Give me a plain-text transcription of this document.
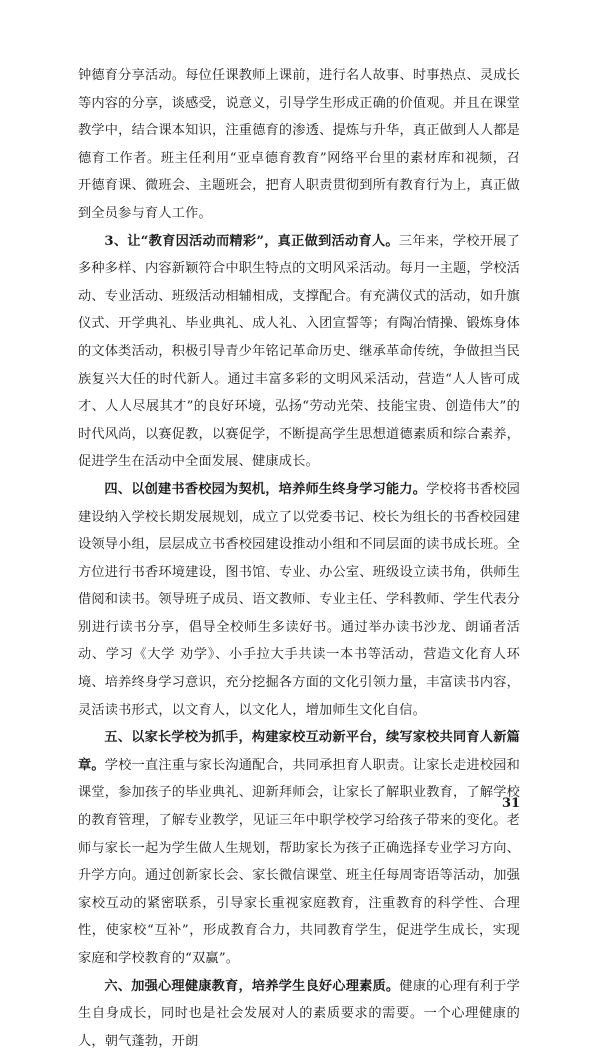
钟德育分享活动。每位任课教师上课前，进行名人故事、时事热点、灵成长等内容的分享，谈感受，说意义，引导学生形成正确的价值观。并且在课堂教学中，结合课本知识，注重德育的渗透、提炼与升华，真正做到人人都是德育工作者。班主任利用“亚卓德育教育”网络平台里的素材库和视频，召开德育课、微班会、主题班会，把育人职责贯彻到所有教育行为上，真正做到全员参与育人工作。

3、让“教育因活动而精彩”，真正做到活动育人。三年来，学校开展了多种多样、内容新颖符合中职生特点的文明风采活动。每月一主题，学校活动、专业活动、班级活动相辅相成，支撑配合。有充满仪式的活动，如升旗仪式、开学典礼、毕业典礼、成人礼、入团宣誓等；有陶冶情操、锻炼身体的文体类活动，积极引导青少年铭记革命历史、继承革命传统，争做担当民族复兴大任的时代新人。通过丰富多彩的文明风采活动，营造“人人皆可成才、人人尽展其才”的良好环境，弘扬“劳动光荣、技能宝贵、创造伟大”的时代风尚，以赛促教，以赛促学，不断提高学生思想道德素质和综合素养，促进学生在活动中全面发展、健康成长。

四、以创建书香校园为契机，培养师生终身学习能力。学校将书香校园建设纳入学校长期发展规划，成立了以党委书记、校长为组长的书香校园建设领导小组，层层成立书香校园建设推动小组和不同层面的读书成长班。全方位进行书香环境建设，图书馆、专业、办公室、班级设立读书角，供师生借阅和读书。领导班子成员、语文教师、专业主任、学科教师、学生代表分别进行读书分享，倡导全校师生多读好书。通过举办读书沙龙、朗诵者活动、学习《大学 劝学》、小手拉大手共读一本书等活动，营造文化育人环境、培养终身学习意识，充分挖掘各方面的文化引领力量，丰富读书内容，灵活读书形式，以文育人，以文化人，增加师生文化自信。

五、以家长学校为抓手，构建家校互动新平台，续写家校共同育人新篇章。学校一直注重与家长沟通配合，共同承担育人职责。让家长走进校园和课堂，参加孩子的毕业典礼、迎新拜师会，让家长了解职业教育，了解学校的教育管理，了解专业教学，见证三年中职学校学习给孩子带来的变化。老师与家长一起为学生做人生规划，帮助家长为孩子正确选择专业学习方向、升学方向。通过创新家长会、家长微信课堂、班主任每周寄语等活动，加强家校互动的紧密联系，引导家长重视家庭教育，注重教育的科学性、合理性，使家校“互补”，形成教育合力，共同教育学生，促进学生成长，实现家庭和学校教育的“双赢”。

六、加强心理健康教育，培养学生良好心理素质。健康的心理有利于学生自身成长，同时也是社会发展对人的素质要求的需要。一个心理健康的人，朝气蓬勃，开朗

31
